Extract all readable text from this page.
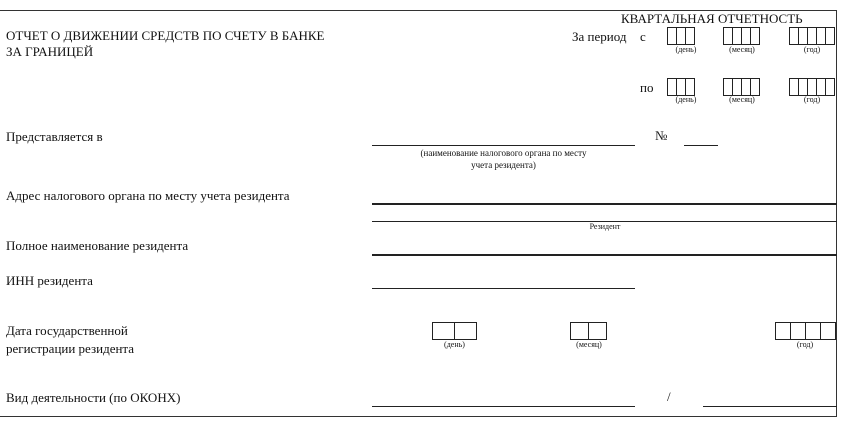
КВАРТАЛЬНАЯ ОТЧЕТНОСТЬ
ОТЧЕТ О ДВИЖЕНИИ СРЕДСТВ ПО СЧЕТУ В БАНКЕ
ЗА ГРАНИЦЕЙ
За период с
(день)	(месяц)	(год)
по
(день)	(месяц)	(год)
Представляется в	№
(наименование налогового органа по месту
учета резидента)
Адрес налогового органа по месту учета резидента
Резидент
Полное наименование резидента
ИНН резидента
Дата государственной
регистрации резидента	(день)	(месяц)	(год)
Вид деятельности (по ОКОНХ)	/
